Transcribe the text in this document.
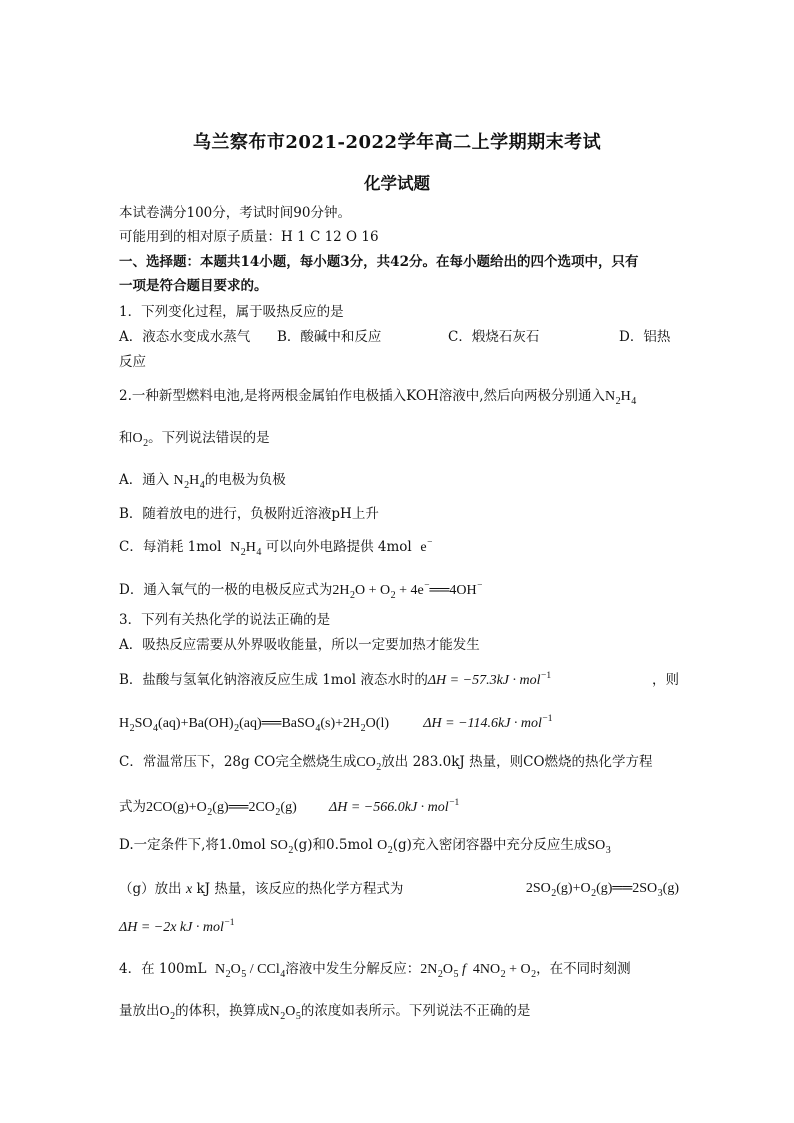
乌兰察布市2021-2022学年高二上学期期末考试
化学试题
本试卷满分100分，考试时间90分钟。
可能用到的相对原子质量：H 1 C 12 O 16
一、选择题：本题共14小题，每小题3分，共42分。在每小题给出的四个选项中，只有
一项是符合题目要求的。
1．下列变化过程，属于吸热反应的是
A．液态水变成水蒸气 B．酸碱中和反应	C．煅烧石灰石	D．铝热
反应
2.一种新型燃料电池,是将两根金属铂作电极插入KOH溶液中,然后向两极分别通入$N_2H_4$
和$O_2$。下列说法错误的是
A．通入 $N_2H_4$的电极为负极
B．随着放电的进行，负极附近溶液pH上升
C．每消耗 1mol $N_2H_4$ 可以向外电路提供 4mol e−
D．通入氧气的一极的电极反应式为$2H_2O + O_2$ + 4e−══4OH−
3．下列有关热化学的说法正确的是
A．吸热反应需要从外界吸收能量，所以一定要加热才能发生
B．盐酸与氢氧化钠溶液反应生成 1mol 液态水时的ΔH = −57.3kJ · mol$^{-1}$	，则
$H_2SO_4(aq)+Ba(OH)_2(aq)══BaSO_4(s)+2H_2O(l) \Delta H = -114.6kJ \cdot mol^{-1}$
C．常温常压下，28g CO完全燃烧生成$CO_2$放出 283.0kJ 热量，则CO燃烧的热化学方程
式为$2CO(g)+O_2(g)══2CO_2(g) \Delta H = -566.0kJ \cdot mol^{-1}$
D.一定条件下,将1.0mol $SO_2(g)$和0.5mol $O_2(g)$充入密闭容器中充分反应生成$SO_3$
（g）放出 x kJ 热量，该反应的热化学方程式为	$2SO_2(g)+O_2(g)══2SO_3(g)$
ΔH = −2x kJ · mol$^{-1}$
4．在 100mL $N_2O_5 / CCl_4$溶液中发生分解反应：$2N_2O_5$ f  $4NO_2 + O_2$，在不同时刻测
量放出$O_2$的体积，换算成$N_2O_5$的浓度如表所示。下列说法不正确的是
